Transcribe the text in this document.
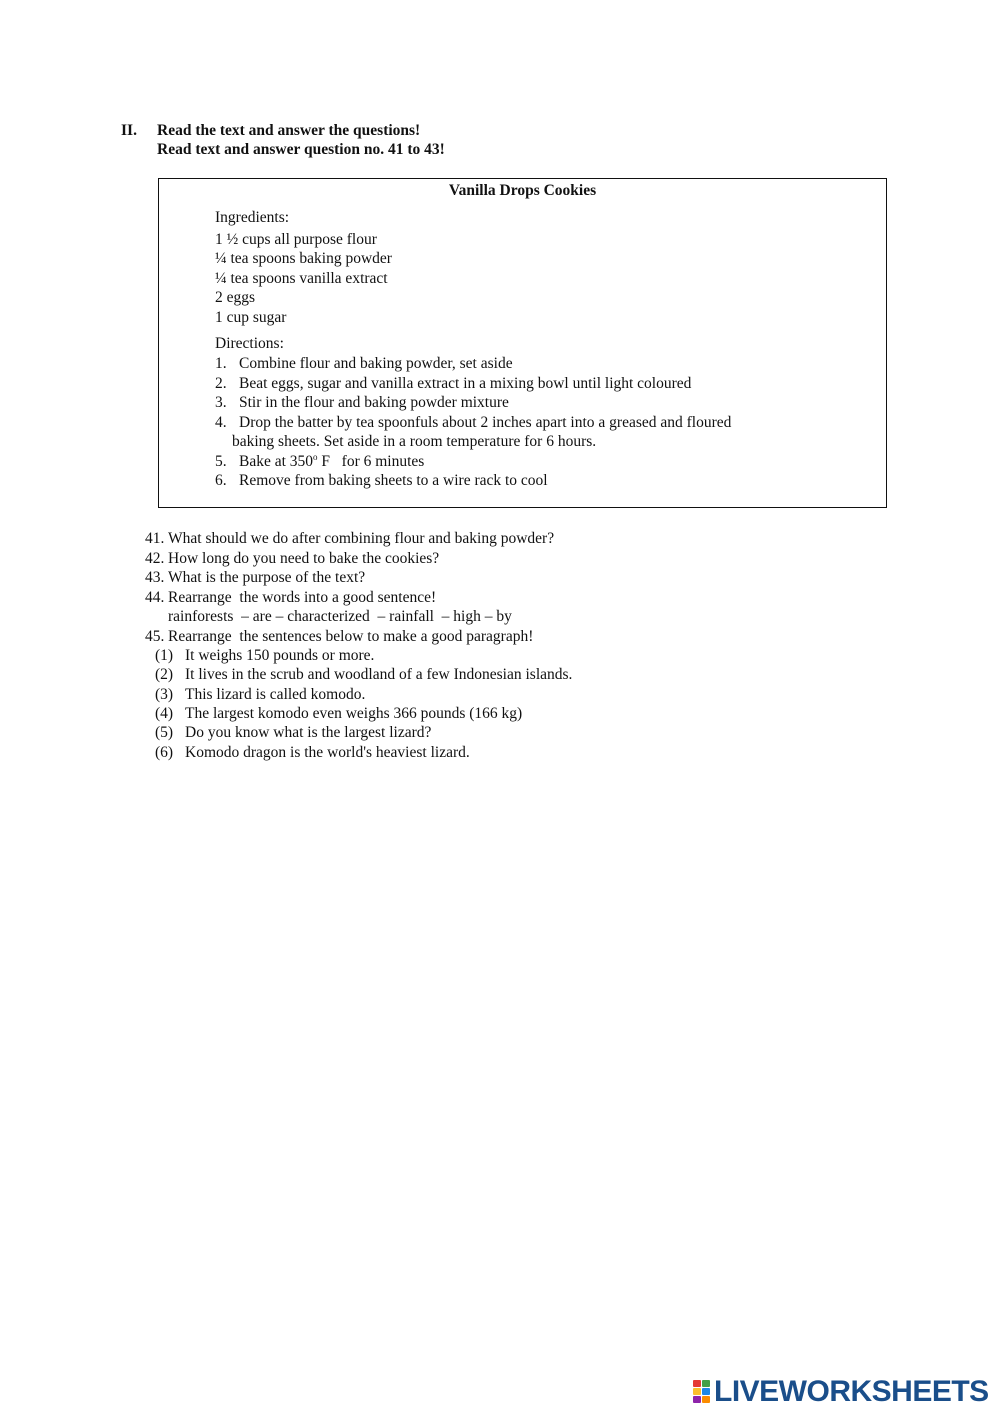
II. Read the text and answer the questions!
Read text and answer question no. 41 to 43!
Vanilla Drops Cookies
Ingredients:
1 ½ cups all purpose flour
¼ tea spoons baking powder
¼ tea spoons vanilla extract
2 eggs
1 cup sugar
Directions:
1. Combine flour and baking powder, set aside
2. Beat eggs, sugar and vanilla extract in a mixing bowl until light coloured
3. Stir in the flour and baking powder mixture
4. Drop the batter by tea spoonfuls about 2 inches apart into a greased and floured
baking sheets. Set aside in a room temperature for 6 hours.
5. Bake at 350$^o$ F   for 6 minutes
6. Remove from baking sheets to a wire rack to cool
41. What should we do after combining flour and baking powder?
42. How long do you need to bake the cookies?
43. What is the purpose of the text?
44. Rearrange  the words into a good sentence!
rainforests  – are – characterized  – rainfall  – high – by
45. Rearrange  the sentences below to make a good paragraph!
(1) It weighs 150 pounds or more.
(2) It lives in the scrub and woodland of a few Indonesian islands.
(3) This lizard is called komodo.
(4) The largest komodo even weighs 366 pounds (166 kg)
(5) Do you know what is the largest lizard?
(6) Komodo dragon is the world's heaviest lizard.
LIVEWORKSHEETS
